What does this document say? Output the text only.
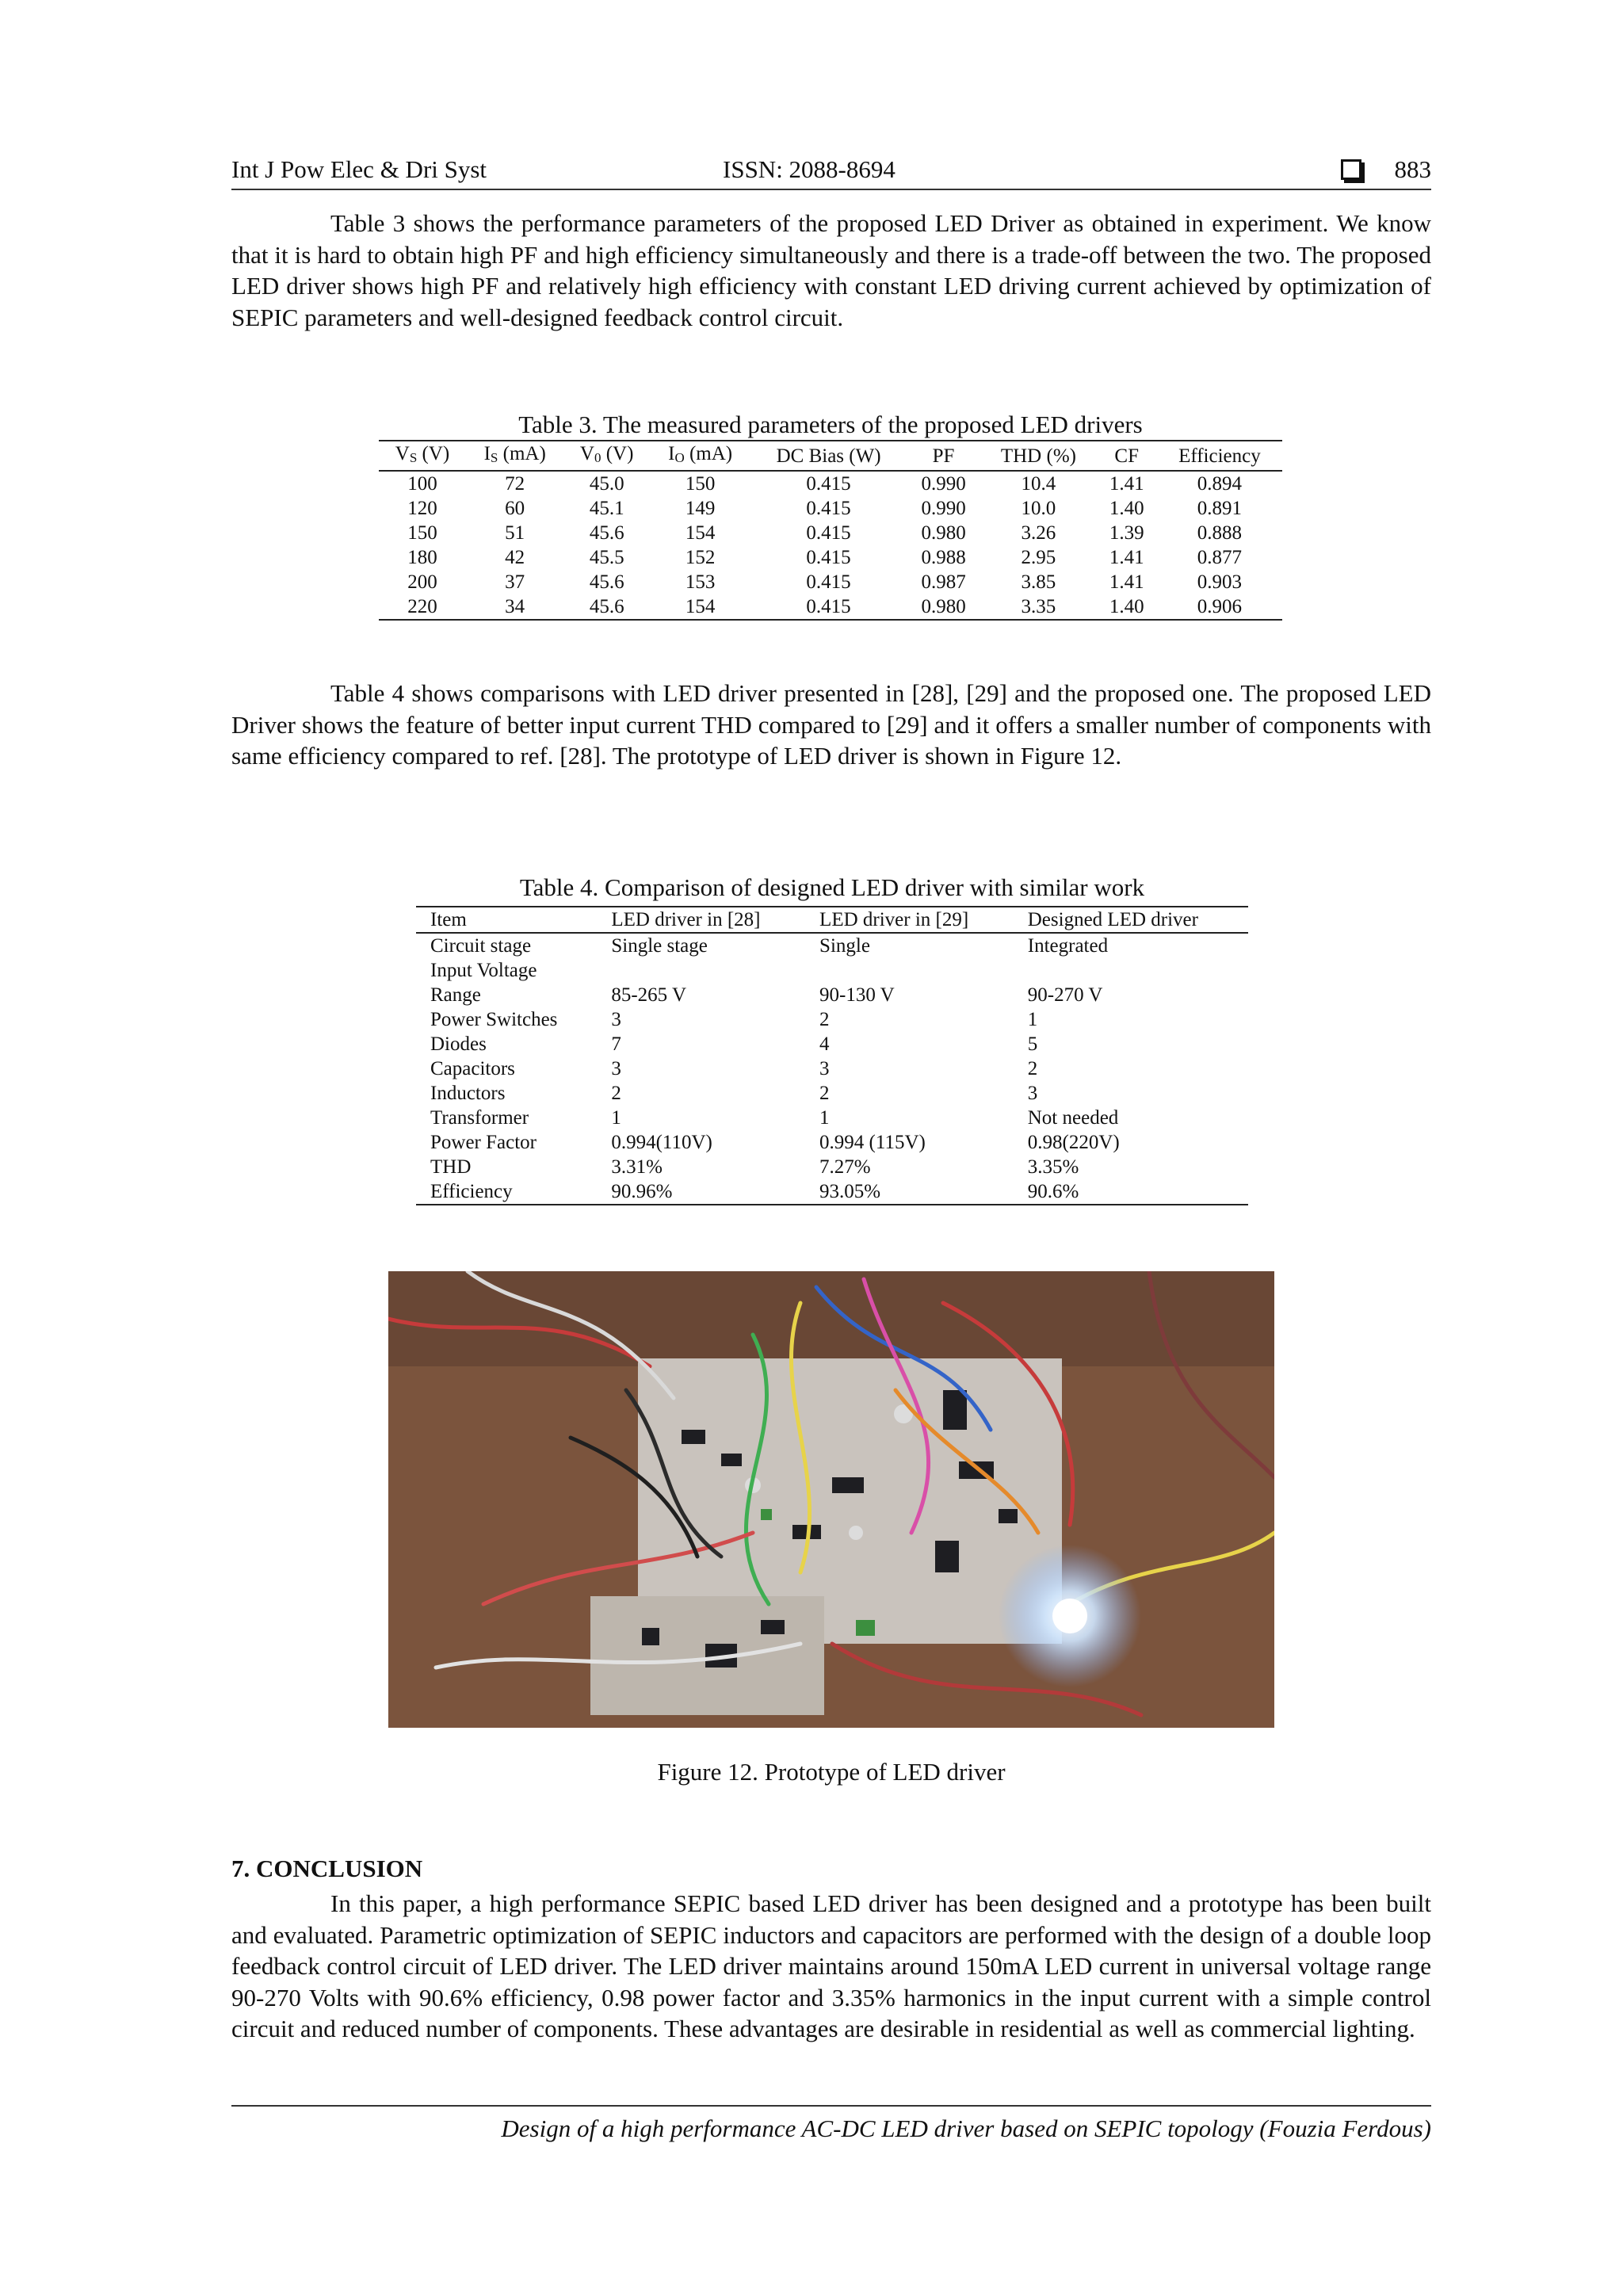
Int J Pow Elec & Dri Syst	ISSN: 2088-8694	883

Table 3 shows the performance parameters of the proposed LED Driver as obtained in experiment. We know that it is hard to obtain high PF and high efficiency simultaneously and there is a trade-off between the two. The proposed LED driver shows high PF and relatively high efficiency with constant LED driving current achieved by optimization of SEPIC parameters and well-designed feedback control circuit.

Table 3. The measured parameters of the proposed LED drivers
$V_S$ (V)	$I_S$ (mA)	$V_0$ (V)	$I_O$ (mA)	DC Bias (W)	PF	THD (%)	CF	Efficiency
100	72	45.0	150	0.415	0.990	10.4	1.41	0.894
120	60	45.1	149	0.415	0.990	10.0	1.40	0.891
150	51	45.6	154	0.415	0.980	3.26	1.39	0.888
180	42	45.5	152	0.415	0.988	2.95	1.41	0.877
200	37	45.6	153	0.415	0.987	3.85	1.41	0.903
220	34	45.6	154	0.415	0.980	3.35	1.40	0.906

Table 4 shows comparisons with LED driver presented in [28], [29] and the proposed one. The proposed LED Driver shows the feature of better input current THD compared to [29] and it offers a smaller number of components with same efficiency compared to ref. [28]. The prototype of LED driver is shown in Figure 12.

Table 4. Comparison of designed LED driver with similar work
Item	LED driver in [28]	LED driver in [29]	Designed LED driver
Circuit stage	Single stage	Single	Integrated
Input Voltage			
Range	85-265 V	90-130 V	90-270 V
Power Switches	3	2	1
Diodes	7	4	5
Capacitors	3	3	2
Inductors	2	2	3
Transformer	1	1	Not needed
Power Factor	0.994(110V)	0.994 (115V)	0.98(220V)
THD	3.31%	7.27%	3.35%
Efficiency	90.96%	93.05%	90.6%
Figure 12. Prototype of LED driver
7. CONCLUSION

In this paper, a high performance SEPIC based LED driver has been designed and a prototype has been built and evaluated. Parametric optimization of SEPIC inductors and capacitors are performed with the design of a double loop feedback control circuit of LED driver. The LED driver maintains around 150mA LED current in universal voltage range 90-270 Volts with 90.6% efficiency, 0.98 power factor and 3.35% harmonics in the input current with a simple control circuit and reduced number of components. These advantages are desirable in residential as well as commercial lighting.

Design of a high performance AC-DC LED driver based on SEPIC topology (Fouzia Ferdous)
